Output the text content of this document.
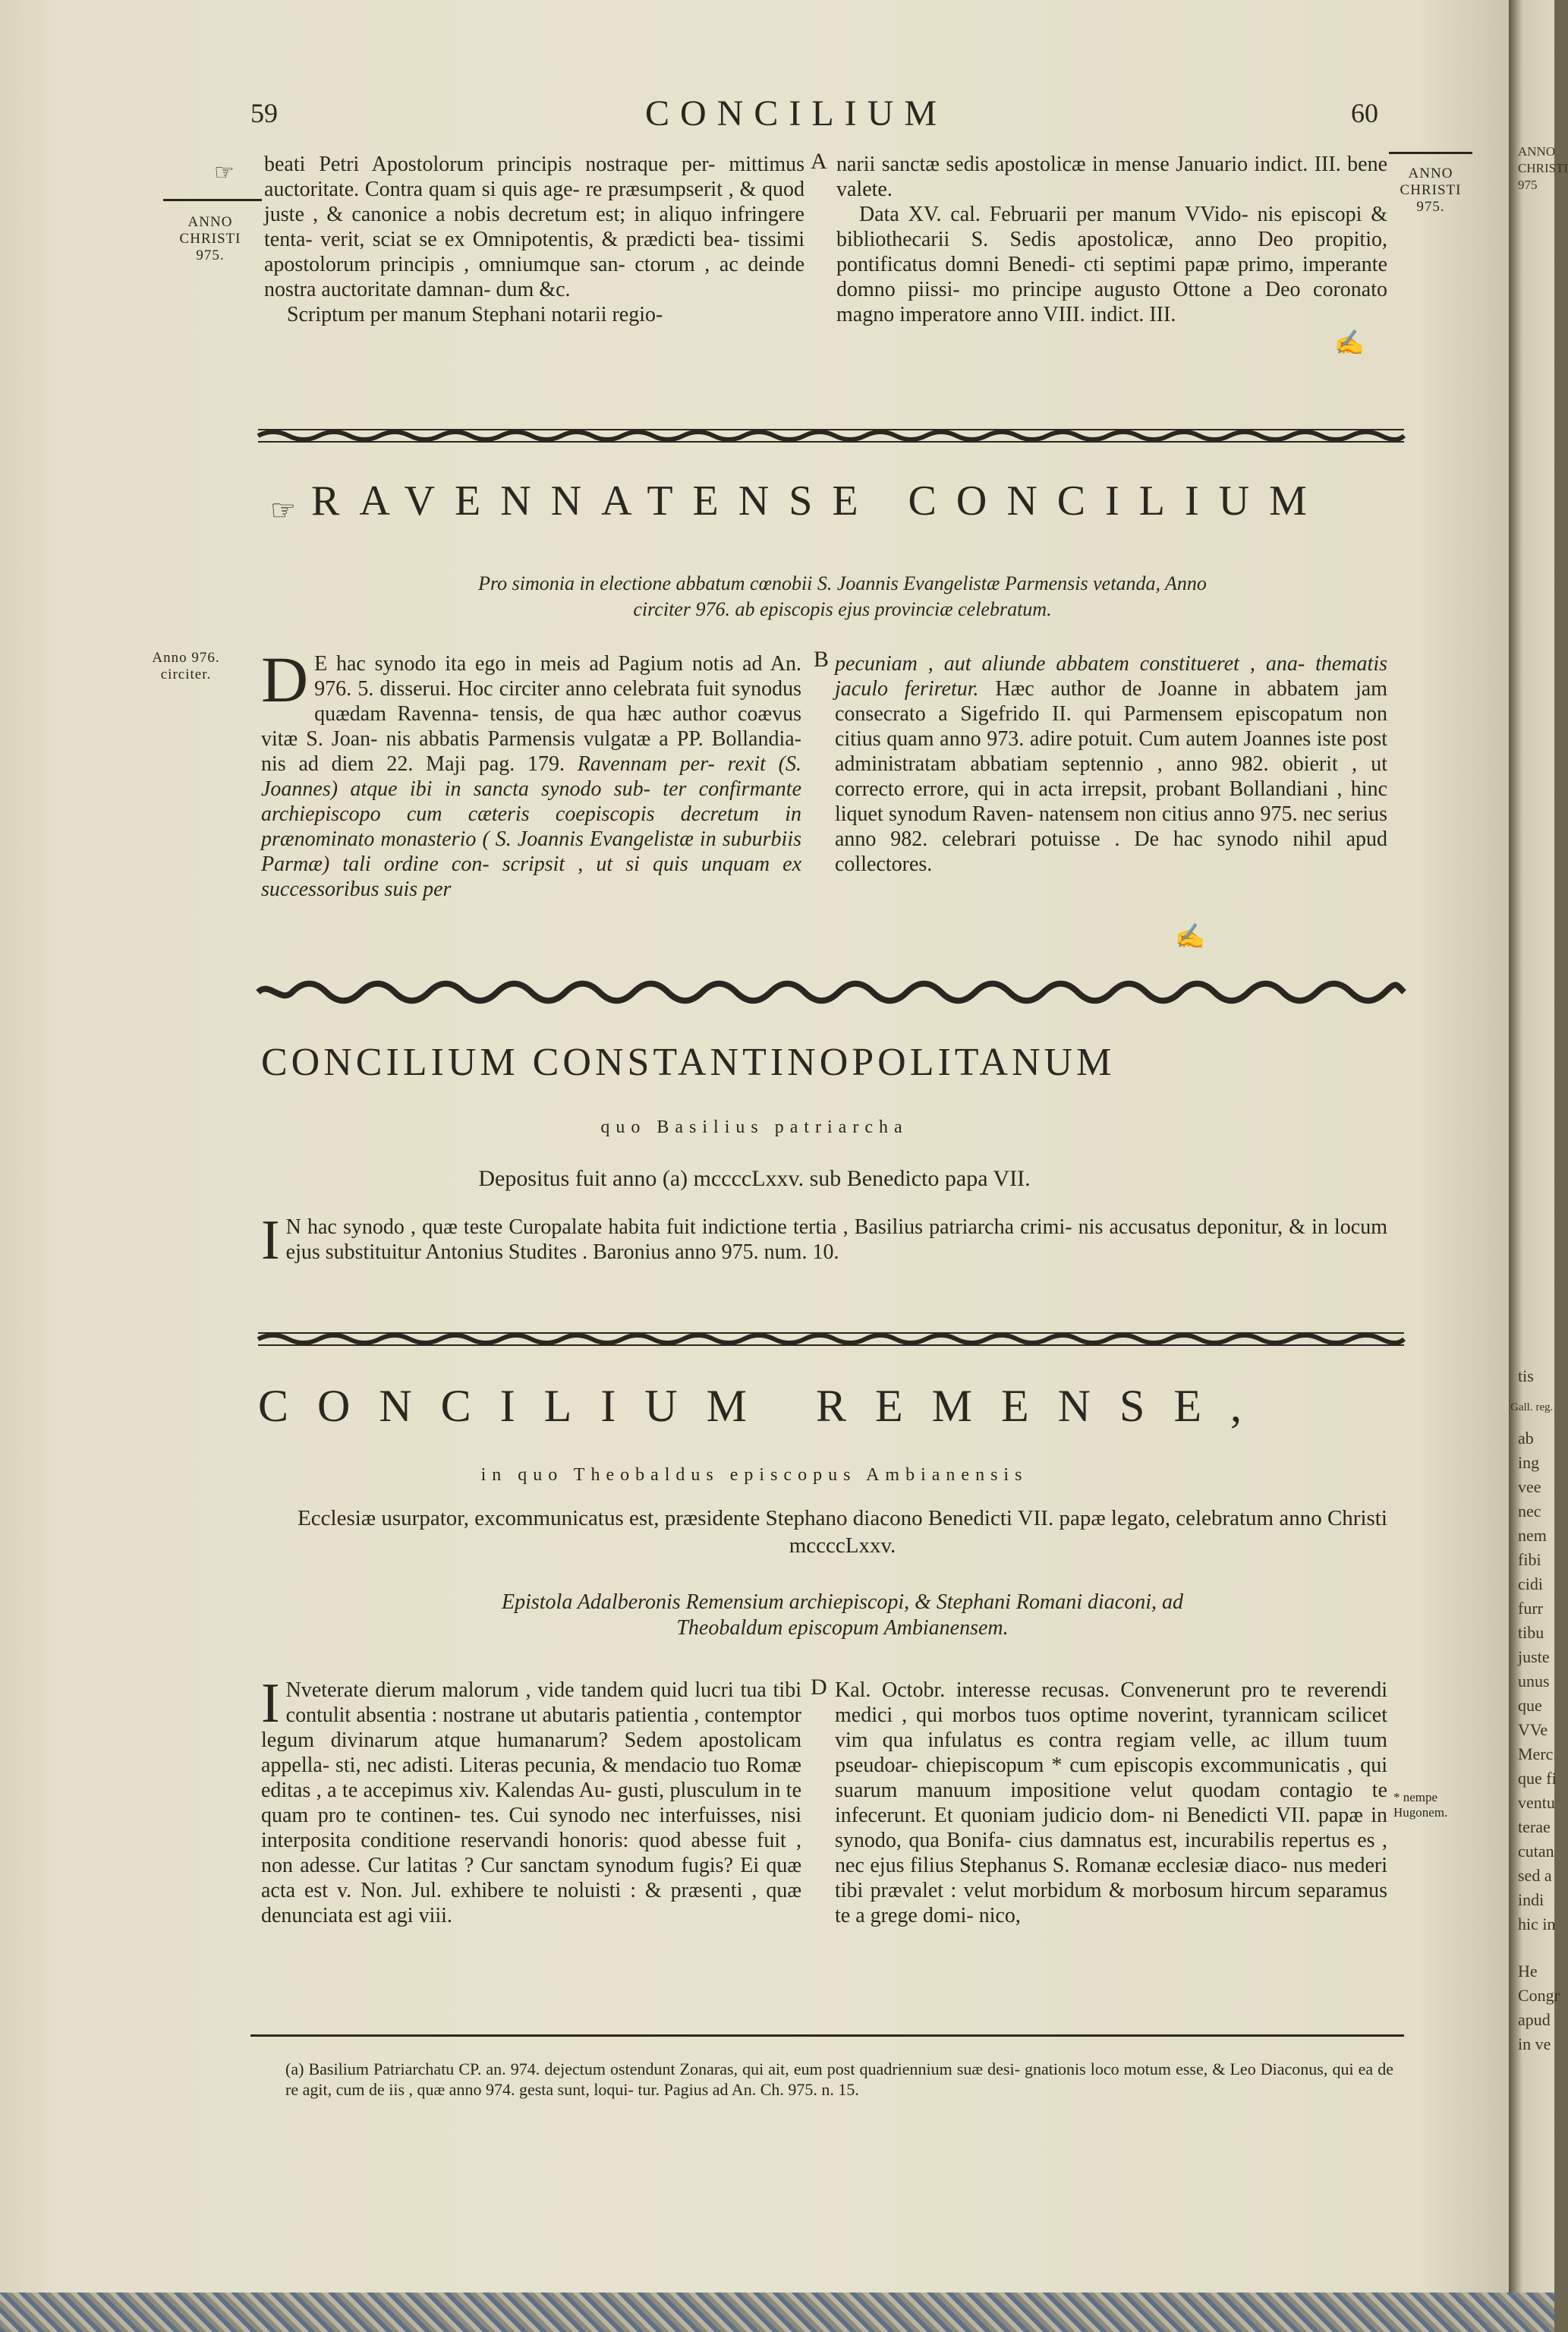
59	CONCILIUM	60
☞
ANNO CHRISTI 975.

beati Petri Apostolorum principis nostraque per- mittimus auctoritate. Contra quam si quis age- re præsumpserit , & quod juste , & canonice a nobis decretum est; in aliquo infringere tenta- verit, sciat se ex Omnipotentis, & prædicti bea- tissimi apostolorum principis , omniumque san- ctorum , ac deinde nostra auctoritate damnan- dum &c.

Scriptum per manum Stephani notarii regio-

A narii sanctæ sedis apostolicæ in mense Januario indict. III. bene valete.

Data XV. cal. Februarii per manum VVido- nis episcopi & bibliothecarii S. Sedis apostolicæ, anno Deo propitio, pontificatus domni Benedi- cti septimi papæ primo, imperante domno piissi- mo principe augusto Ottone a Deo coronato magno imperatore anno VIII. indict. III.

ANNO CHRISTI 975.
✍
☞ RAVENNATENSE CONCILIUM
Pro simonia in electione abbatum cœnobii S. Joannis Evangelistæ Parmensis vetanda, Anno
circiter 976. ab episcopis ejus provinciæ celebratum.
Anno 976. circiter. D E hac synodo ita ego in meis ad Pagium notis ad An. 976. 5. disserui. Hoc circiter anno celebrata fuit synodus quædam Ravenna- tensis, de qua hæc author coævus vitæ S. Joan- nis abbatis Parmensis vulgatæ a PP. Bollandia- nis ad diem 22. Maji pag. 179. Ravennam per- rexit (S. Joannes) atque ibi in sancta synodo sub- ter confirmante archiepiscopo cum cæteris coepiscopis decretum in prænominato monasterio ( S. Joannis Evangelistæ in suburbiis Parmæ) tali ordine con- scripsit , ut si quis unquam ex successoribus suis per
B pecuniam , aut aliunde abbatem constitueret , ana- thematis jaculo feriretur. Hæc author de Joanne in abbatem jam consecrato a Sigefrido II. qui Parmensem episcopatum non citius quam anno 973. adire potuit. Cum autem Joannes iste post administratam abbatiam septennio , anno 982. obierit , ut correcto errore, qui in acta irrepsit, probant Bollandiani , hinc liquet synodum Raven- natensem non citius anno 975. nec serius anno 982. celebrari potuisse . De hac synodo nihil apud collectores.
✍
CONCILIUM CONSTANTINOPOLITANUM
quo Basilius patriarcha
Depositus fuit anno (a) mccccLxxv. sub Benedicto papa VII.
I N hac synodo , quæ teste Curopalate habita fuit indictione tertia , Basilius patriarcha crimi- nis accusatus deponitur, & in locum ejus substituitur Antonius Studites . Baronius anno 975. num. 10.
CONCILIUM REMENSE,
in quo Theobaldus episcopus Ambianensis
Ecclesiæ usurpator, excommunicatus est, præsidente Stephano diacono Benedicti VII. papæ legato, celebratum anno Christi mccccLxxv.
Epistola Adalberonis Remensium archiepiscopi, & Stephani Romani diaconi, ad
Theobaldum episcopum Ambianensem.
I Nveterate dierum malorum , vide tandem quid lucri tua tibi contulit absentia : nostrane ut abutaris patientia , contemptor legum divinarum atque humanarum? Sedem apostolicam appella- sti, nec adisti. Literas pecunia, & mendacio tuo Romæ editas , a te accepimus xiv. Kalendas Au- gusti, plusculum in te quam pro te continen- tes. Cui synodo nec interfuisses, nisi interposita conditione reservandi honoris: quod abesse fuit , non adesse. Cur latitas ? Cur sanctam synodum fugis? Ei quæ acta est v. Non. Jul. exhibere te noluisti : & præsenti , quæ denunciata est agi viii.
D Kal. Octobr. interesse recusas. Convenerunt pro te reverendi medici , qui morbos tuos optime noverint, tyrannicam scilicet vim qua infulatus es contra regiam velle, ac illum tuum pseudoar- chiepiscopum * cum episcopis excommunicatis , qui suarum manuum impositione velut quodam contagio te infecerunt. Et quoniam judicio dom- ni Benedicti VII. papæ in synodo, qua Bonifa- cius damnatus est, incurabilis repertus es , nec ejus filius Stephanus S. Romanæ ecclesiæ diaco- nus mederi tibi prævalet : velut morbidum & morbosum hircum separamus te a grege domi- nico,
* nempe Hugonem.
(a) Basilium Patriarchatu CP. an. 974. dejectum ostendunt Zonaras, qui ait, eum post quadriennium suæ desi- gnationis loco motum esse, & Leo Diaconus, qui ea de re agit, cum de iis , quæ anno 974. gesta sunt, loqui- tur. Pagius ad An. Ch. 975. n. 15.
ANNO
CHRISTI
975
tis
Gall. reg.
ab
ing
vee
nec
nem
fibi
cidi
furr
tibu
juste
unus
que
VVe
Merc
que fi
ventu
terae
cutan
sed a
indi
hic in
He
Congr
apud
in ve
